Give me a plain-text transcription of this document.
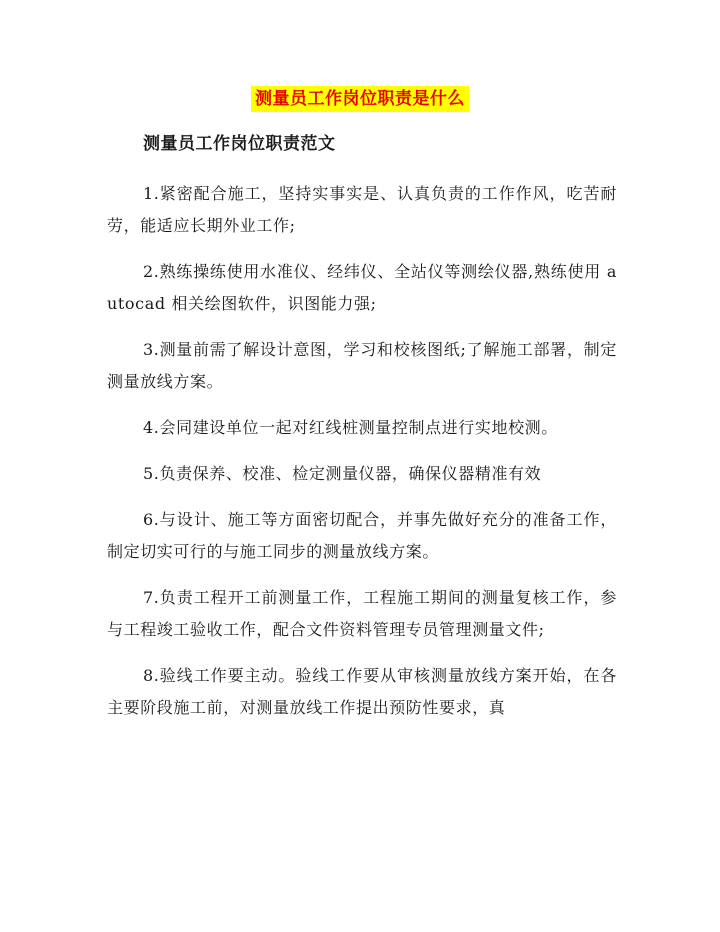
测量员工作岗位职责是什么
测量员工作岗位职责范文

1.紧密配合施工，坚持实事实是、认真负责的工作作风，吃苦耐劳，能适应长期外业工作;

2.熟练操练使用水准仪、经纬仪、全站仪等测绘仪器,熟练使用 autocad 相关绘图软件，识图能力强;

3.测量前需了解设计意图，学习和校核图纸;了解施工部署，制定测量放线方案。

4.会同建设单位一起对红线桩测量控制点进行实地校测。

5.负责保养、校准、检定测量仪器，确保仪器精准有效

6.与设计、施工等方面密切配合，并事先做好充分的准备工作，制定切实可行的与施工同步的测量放线方案。

7.负责工程开工前测量工作，工程施工期间的测量复核工作，参与工程竣工验收工作，配合文件资料管理专员管理测量文件;

8.验线工作要主动。验线工作要从审核测量放线方案开始，在各主要阶段施工前，对测量放线工作提出预防性要求，真
